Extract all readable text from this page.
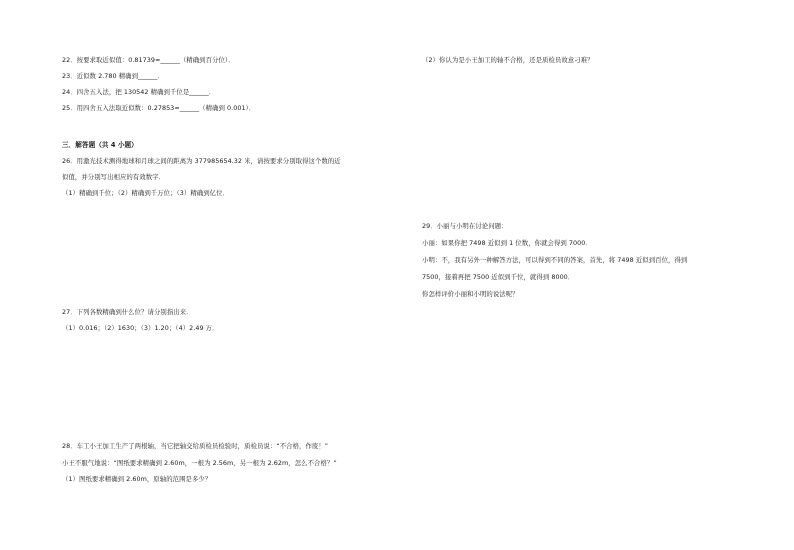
22．按要求取近似值：0.81739≈______（精确到百分位）．
23．近似数 2.780 精确到______．
24．四舍五入法，把 130542 精确到千位是______．
25．用四舍五入法取近似数：0.27853≈______（精确到 0.001）．
三．解答题（共 4 小题）
26．用激光技术测得地球和月球之间的距离为 377985654.32 米，请按要求分别取得这个数的近
似值，并分别写出相应的有效数字．
（1）精确到千位；（2）精确到千万位；（3）精确到亿位．
27．下列各数精确到什么位？请分别指出来．
（1）0.016；（2）1630；（3）1.20；（4）2.49 万．
28．车工小王加工生产了两根轴，当它把轴交给质检员检验时，质检员说：“不合格，作废！”
小王不服气地说：“图纸要求精确到 2.60m，一根为 2.56m，另一根为 2.62m，怎么不合格？”
（1）图纸要求精确到 2.60m，原轴的范围是多少？
（2）你认为是小王加工的轴不合格，还是质检员故意刁难？
29．小丽与小明在讨论问题：
小丽：如果你把 7498 近似到 1 位数，你就会得到 7000．
小明：不，我有另外一种解答方法，可以得到不同的答案，首先，将 7498 近似到百位，得到
7500，接着再把 7500 近似到千位，就得到 8000．
你怎样评价小丽和小明的说法呢？
